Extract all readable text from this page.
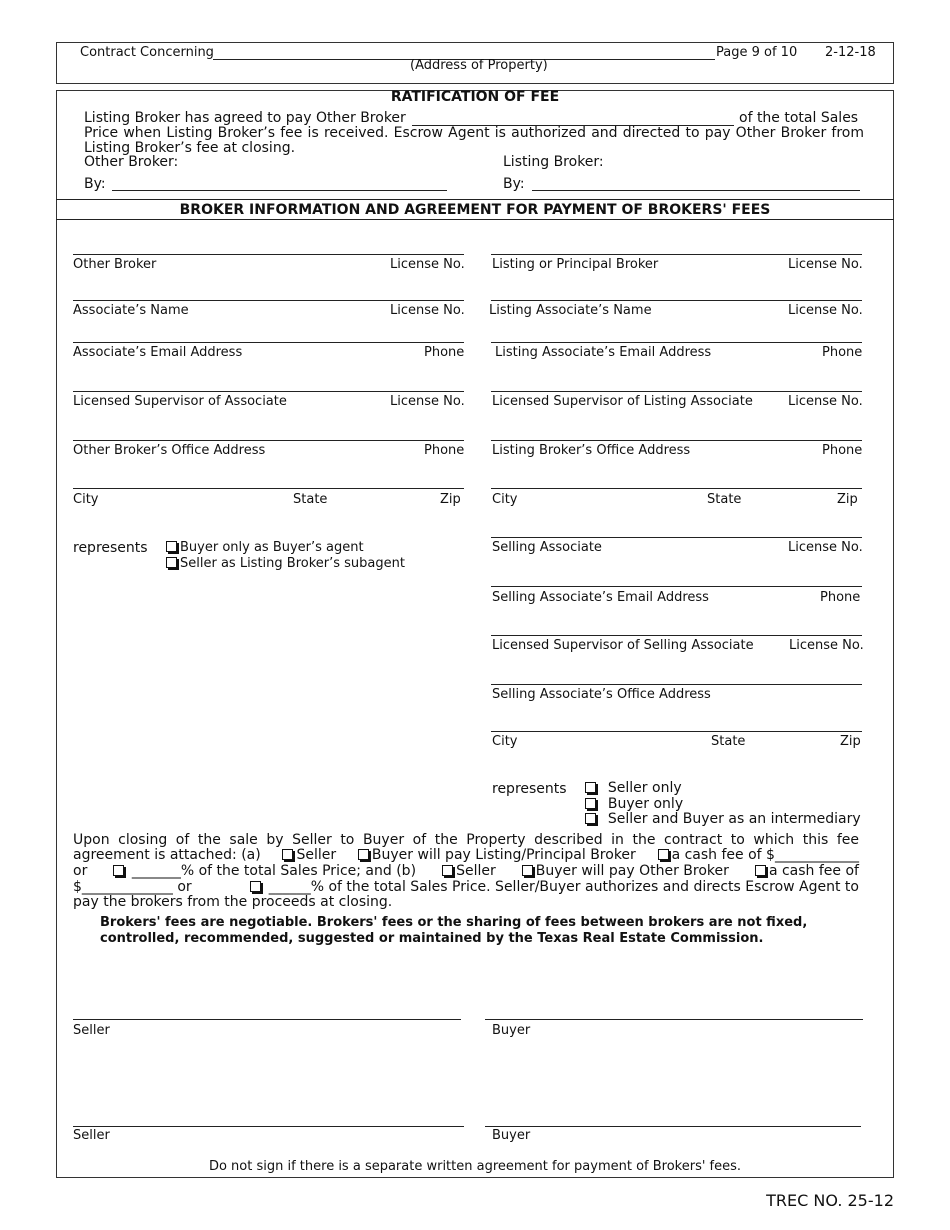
Contract Concerning	Page 9 of 10 2-12-18
(Address of Property)
RATIFICATION OF FEE
Listing Broker has agreed to pay Other Broker	of the total Sales
Price when Listing Broker’s fee is received. Escrow Agent is authorized and directed to pay Other Broker from
Listing Broker’s fee at closing.
Other Broker:	Listing Broker:
By:	By:
BROKER INFORMATION AND AGREEMENT FOR PAYMENT OF BROKERS' FEES
Other Broker	License No.
Associate’s Name	License No.
Associate’s Email Address	Phone
Licensed Supervisor of Associate	License No.
Other Broker’s Office Address	Phone
City	State	Zip
represents	Buyer only as Buyer’s agent
Seller as Listing Broker’s subagent
Listing or Principal Broker	License No.
Listing Associate’s Name	License No.
Listing Associate’s Email Address	Phone
Licensed Supervisor of Listing Associate	License No.
Listing Broker’s Office Address	Phone
City	State	Zip
Selling Associate	License No.
Selling Associate’s Email Address	Phone
Licensed Supervisor of Selling Associate	License No.
Selling Associate’s Office Address
City	State	Zip
represents	Seller only
Buyer only
Seller and Buyer as an intermediary
Upon closing of the sale by Seller to Buyer of the Property described in the contract to which this fee
agreement is attached: (a)	Seller	Buyer will pay Listing/Principal Broker	a cash fee of $____________
or	_______% of the total Sales Price; and (b)	Seller	Buyer will pay Other Broker	a cash fee of
$_____________ or	______% of the total Sales Price. Seller/Buyer authorizes and directs Escrow Agent to
pay the brokers from the proceeds at closing.
Brokers' fees are negotiable. Brokers' fees or the sharing of fees between brokers are not fixed, controlled, recommended, suggested or maintained by the Texas Real Estate Commission.
Seller	Buyer
Seller	Buyer
Do not sign if there is a separate written agreement for payment of Brokers' fees.
TREC NO. 25-12
